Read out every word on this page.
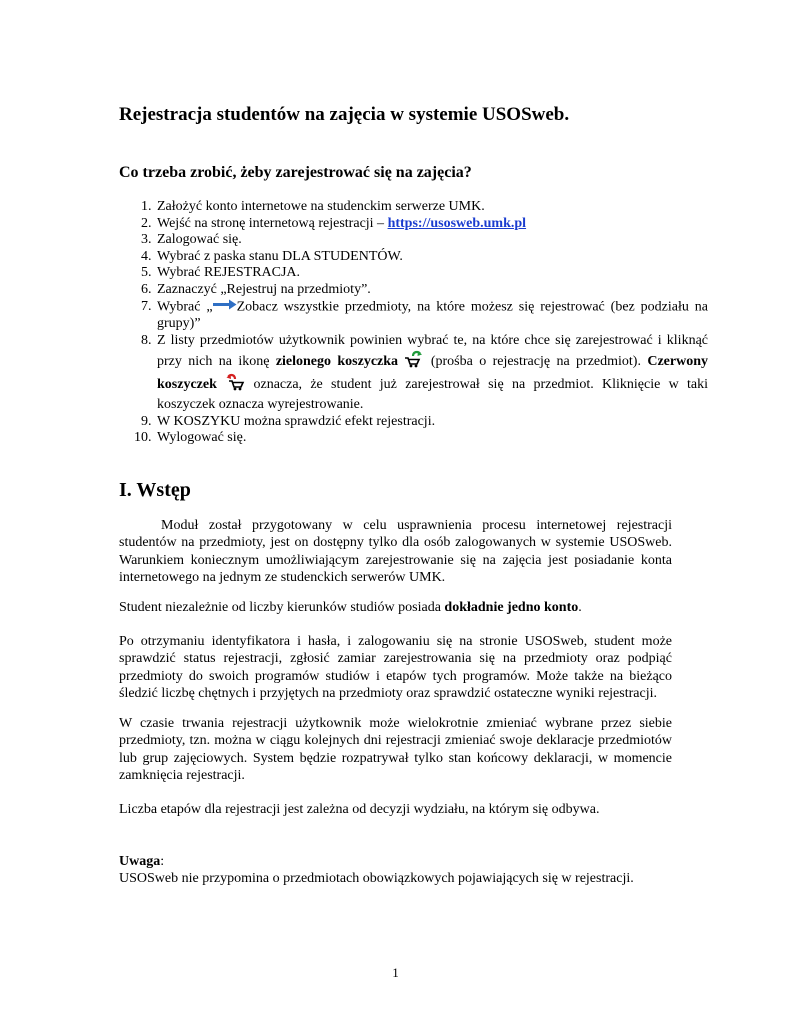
Rejestracja studentów na zajęcia w systemie USOSweb.
Co trzeba zrobić, żeby zarejestrować się na zajęcia?
1. Założyć konto internetowe na studenckim serwerze UMK.
2. Wejść na stronę internetową rejestracji – https://usosweb.umk.pl
3. Zalogować się.
4. Wybrać z paska stanu DLA STUDENTÓW.
5. Wybrać REJESTRACJA.
6. Zaznaczyć „Rejestruj na przedmioty”.
7. Wybrać „ Zobacz wszystkie przedmioty, na które możesz się rejestrować (bez podziału na grupy)”
8. Z listy przedmiotów użytkownik powinien wybrać te, na które chce się zarejestrować i kliknąć przy nich na ikonę zielonego koszyczka  (prośba o rejestrację na przedmiot). Czerwony koszyczek  oznacza, że student już zarejestrował się na przedmiot. Kliknięcie w taki koszyczek oznacza wyrejestrowanie.
9. W KOSZYKU można sprawdzić efekt rejestracji.
10. Wylogować się.
I. Wstęp

Moduł został przygotowany w celu usprawnienia procesu internetowej rejestracji studentów na przedmioty, jest on dostępny tylko dla osób zalogowanych w systemie USOSweb. Warunkiem koniecznym umożliwiającym zarejestrowanie się na zajęcia jest posiadanie konta internetowego na jednym ze studenckich serwerów UMK.

Student niezależnie od liczby kierunków studiów posiada dokładnie jedno konto.

Po otrzymaniu identyfikatora i hasła, i zalogowaniu się na stronie USOSweb, student może sprawdzić status rejestracji, zgłosić zamiar zarejestrowania się na przedmioty oraz podpiąć przedmioty do swoich programów studiów i etapów tych programów. Może także na bieżąco śledzić liczbę chętnych i przyjętych na przedmioty oraz sprawdzić ostateczne wyniki rejestracji.

W czasie trwania rejestracji użytkownik może wielokrotnie zmieniać wybrane przez siebie przedmioty, tzn. można w ciągu kolejnych dni rejestracji zmieniać swoje deklaracje przedmiotów lub grup zajęciowych. System będzie rozpatrywał tylko stan końcowy deklaracji, w momencie zamknięcia rejestracji.

Liczba etapów dla rejestracji jest zależna od decyzji wydziału, na którym się odbywa.

Uwaga:
USOSweb nie przypomina o przedmiotach obowiązkowych pojawiających się w rejestracji.

1
